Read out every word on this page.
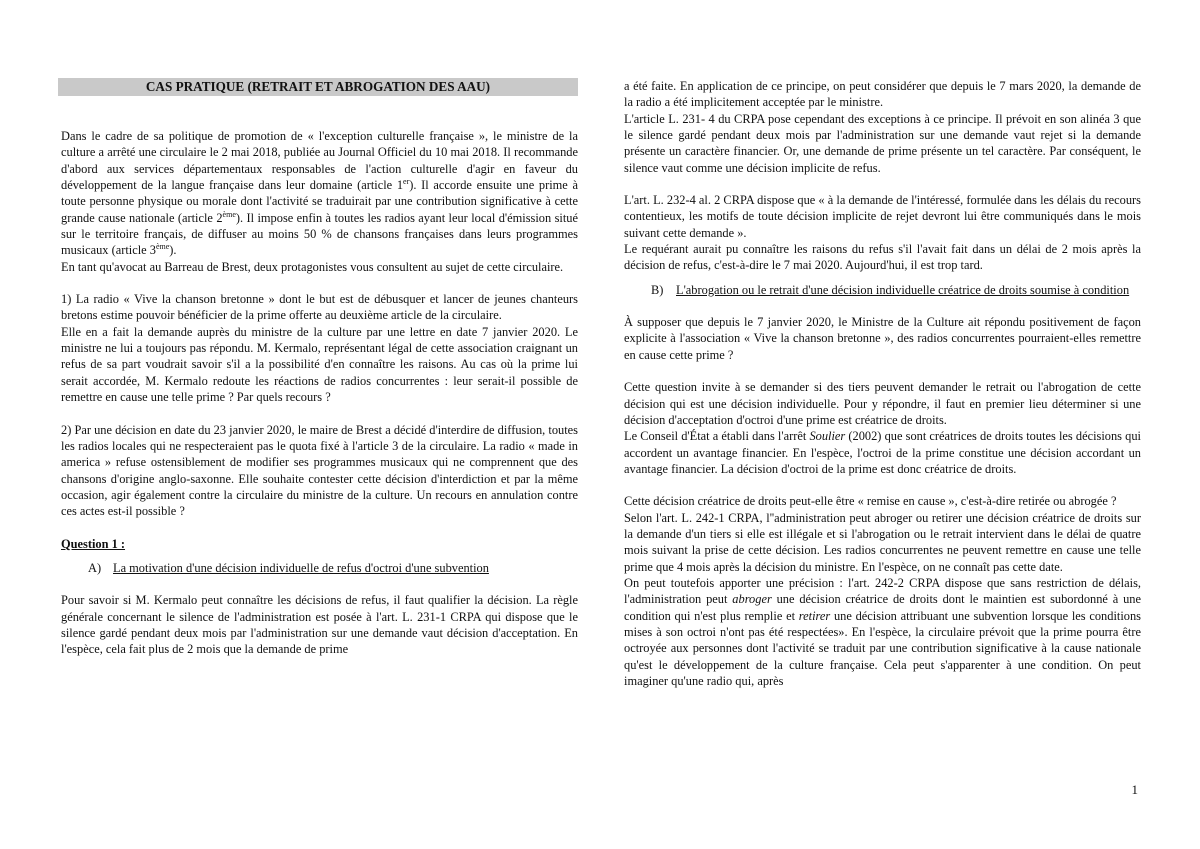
CAS PRATIQUE (RETRAIT ET ABROGATION DES AAU)

Dans le cadre de sa politique de promotion de « l'exception culturelle française », le ministre de la culture a arrêté une circulaire le 2 mai 2018, publiée au Journal Officiel du 10 mai 2018. Il recommande d'abord aux services départementaux responsables de l'action culturelle d'agir en faveur du développement de la langue française dans leur domaine (article 1er). Il accorde ensuite une prime à toute personne physique ou morale dont l'activité se traduirait par une contribution significative à cette grande cause nationale (article 2ème). Il impose enfin à toutes les radios ayant leur local d'émission situé sur le territoire français, de diffuser au moins 50 % de chansons françaises dans leurs programmes musicaux (article 3ème).

En tant qu'avocat au Barreau de Brest, deux protagonistes vous consultent au sujet de cette circulaire.

1) La radio « Vive la chanson bretonne » dont le but est de débusquer et lancer de jeunes chanteurs bretons estime pouvoir bénéficier de la prime offerte au deuxième article de la circulaire.

Elle en a fait la demande auprès du ministre de la culture par une lettre en date 7 janvier 2020. Le ministre ne lui a toujours pas répondu. M. Kermalo, représentant légal de cette association craignant un refus de sa part voudrait savoir s'il a la possibilité d'en connaître les raisons. Au cas où la prime lui serait accordée, M. Kermalo redoute les réactions de radios concurrentes : leur serait-il possible de remettre en cause une telle prime ? Par quels recours ?

2) Par une décision en date du 23 janvier 2020, le maire de Brest a décidé d'interdire de diffusion, toutes les radios locales qui ne respecteraient pas le quota fixé à l'article 3 de la circulaire. La radio « made in america » refuse ostensiblement de modifier ses programmes musicaux qui ne comprennent que des chansons d'origine anglo-saxonne. Elle souhaite contester cette décision d'interdiction et par la même occasion, agir également contre la circulaire du ministre de la culture. Un recours en annulation contre ces actes est-il possible ?

Question 1 :

A) La motivation d'une décision individuelle de refus d'octroi d'une subvention

Pour savoir si M. Kermalo peut connaître les décisions de refus, il faut qualifier la décision. La règle générale concernant le silence de l'administration est posée à l'art. L. 231-1 CRPA qui dispose que le silence gardé pendant deux mois par l'administration sur une demande vaut décision d'acceptation. En l'espèce, cela fait plus de 2 mois que la demande de prime

a été faite. En application de ce principe, on peut considérer que depuis le 7 mars 2020, la demande de la radio a été implicitement acceptée par le ministre.

L'article L. 231- 4 du CRPA pose cependant des exceptions à ce principe. Il prévoit en son alinéa 3 que le silence gardé pendant deux mois par l'administration sur une demande vaut rejet si la demande présente un caractère financier. Or, une demande de prime présente un tel caractère. Par conséquent, le silence vaut comme une décision implicite de refus.

L'art. L. 232-4 al. 2 CRPA dispose que « à la demande de l'intéressé, formulée dans les délais du recours contentieux, les motifs de toute décision implicite de rejet devront lui être communiqués dans le mois suivant cette demande ».

Le requérant aurait pu connaître les raisons du refus s'il l'avait fait dans un délai de 2 mois après la décision de refus, c'est-à-dire le 7 mai 2020. Aujourd'hui, il est trop tard.

B)	L'abrogation ou le retrait d'une décision individuelle créatrice de droits soumise à condition

À supposer que depuis le 7 janvier 2020, le Ministre de la Culture ait répondu positivement de façon explicite à l'association « Vive la chanson bretonne », des radios concurrentes pourraient-elles remettre en cause cette prime ?

Cette question invite à se demander si des tiers peuvent demander le retrait ou l'abrogation de cette décision qui est une décision individuelle. Pour y répondre, il faut en premier lieu déterminer si une décision d'acceptation d'octroi d'une prime est créatrice de droits.

Le Conseil d'État a établi dans l'arrêt Soulier (2002) que sont créatrices de droits toutes les décisions qui accordent un avantage financier. En l'espèce, l'octroi de la prime constitue une décision accordant un avantage financier. La décision d'octroi de la prime est donc créatrice de droits.

Cette décision créatrice de droits peut-elle être « remise en cause », c'est-à-dire retirée ou abrogée ?

Selon l'art. L. 242-1 CRPA, l''administration peut abroger ou retirer une décision créatrice de droits sur la demande d'un tiers si elle est illégale et si l'abrogation ou le retrait intervient dans le délai de quatre mois suivant la prise de cette décision. Les radios concurrentes ne peuvent remettre en cause une telle prime que 4 mois après la décision du ministre. En l'espèce, on ne connaît pas cette date.

On peut toutefois apporter une précision : l'art. 242-2 CRPA dispose que sans restriction de délais, l'administration peut abroger une décision créatrice de droits dont le maintien est subordonné à une condition qui n'est plus remplie et retirer une décision attribuant une subvention lorsque les conditions mises à son octroi n'ont pas été respectées». En l'espèce, la circulaire prévoit que la prime pourra être octroyée aux personnes dont l'activité se traduit par une contribution significative à la cause nationale qu'est le développement de la culture française. Cela peut s'apparenter à une condition. On peut imaginer qu'une radio qui, après

1
